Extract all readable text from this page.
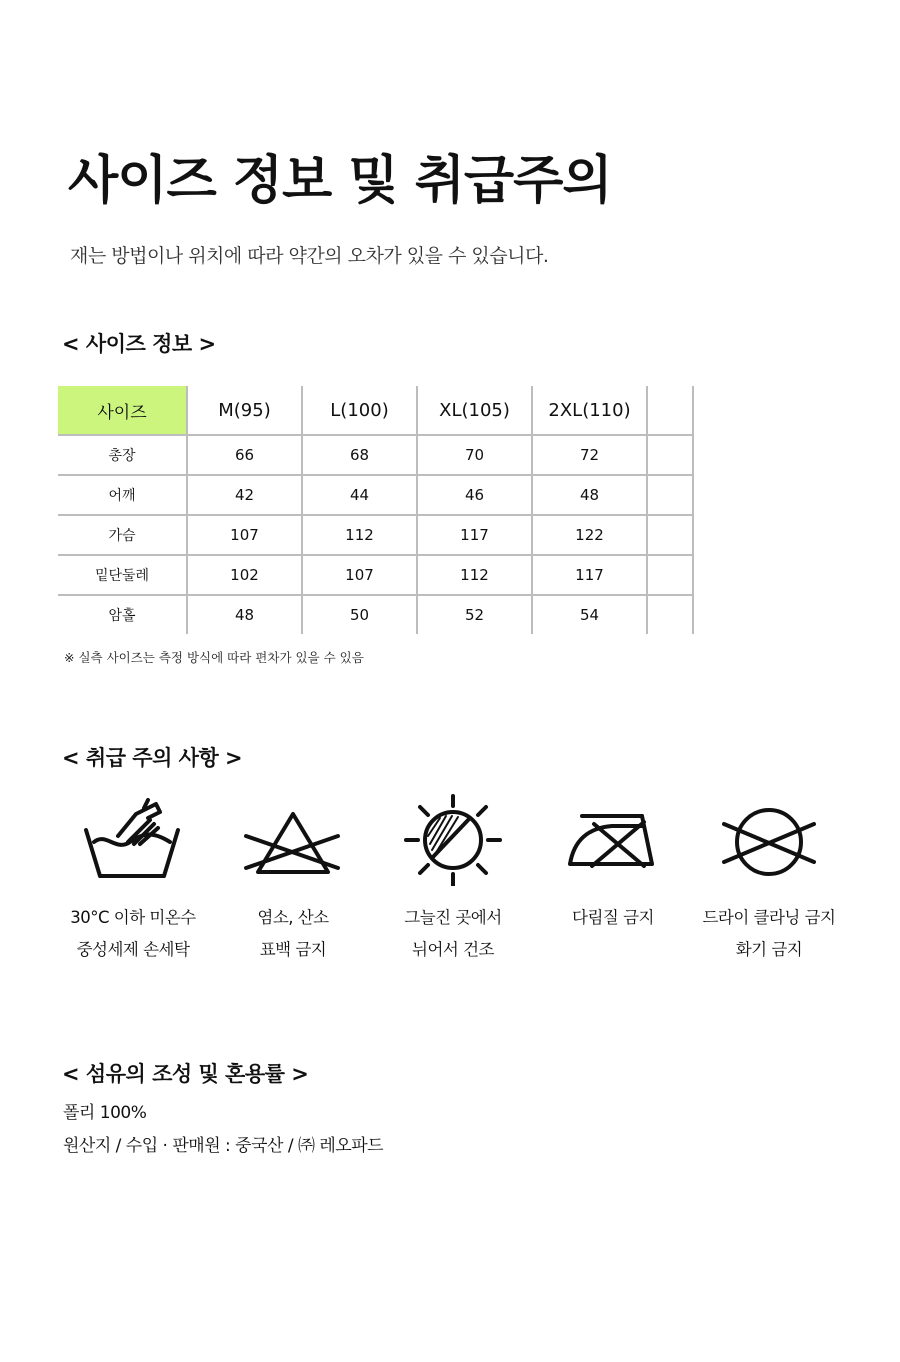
사이즈 정보 및 취급주의

재는 방법이나 위치에 따라 약간의 오차가 있을 수 있습니다.

< 사이즈 정보 >
사이즈	M(95)	L(100)	XL(105)	2XL(110)	
총장	66	68	70	72	
어깨	42	44	46	48	
가슴	107	112	117	122	
밑단둘레	102	107	112	117	
암홀	48	50	52	54	

※ 실측 사이즈는 측정 방식에 따라 편차가 있을 수 있음

< 취급 주의 사항 >
30°C 이하 미온수
중성세제 손세탁
염소, 산소
표백 금지
그늘진 곳에서
뉘어서 건조
다림질 금지	드라이 클라닝 금지
화기 금지
< 섬유의 조성 및 혼용률 >

폴리 100%

원산지 / 수입 · 판매원 : 중국산 / ㈜ 레오파드
